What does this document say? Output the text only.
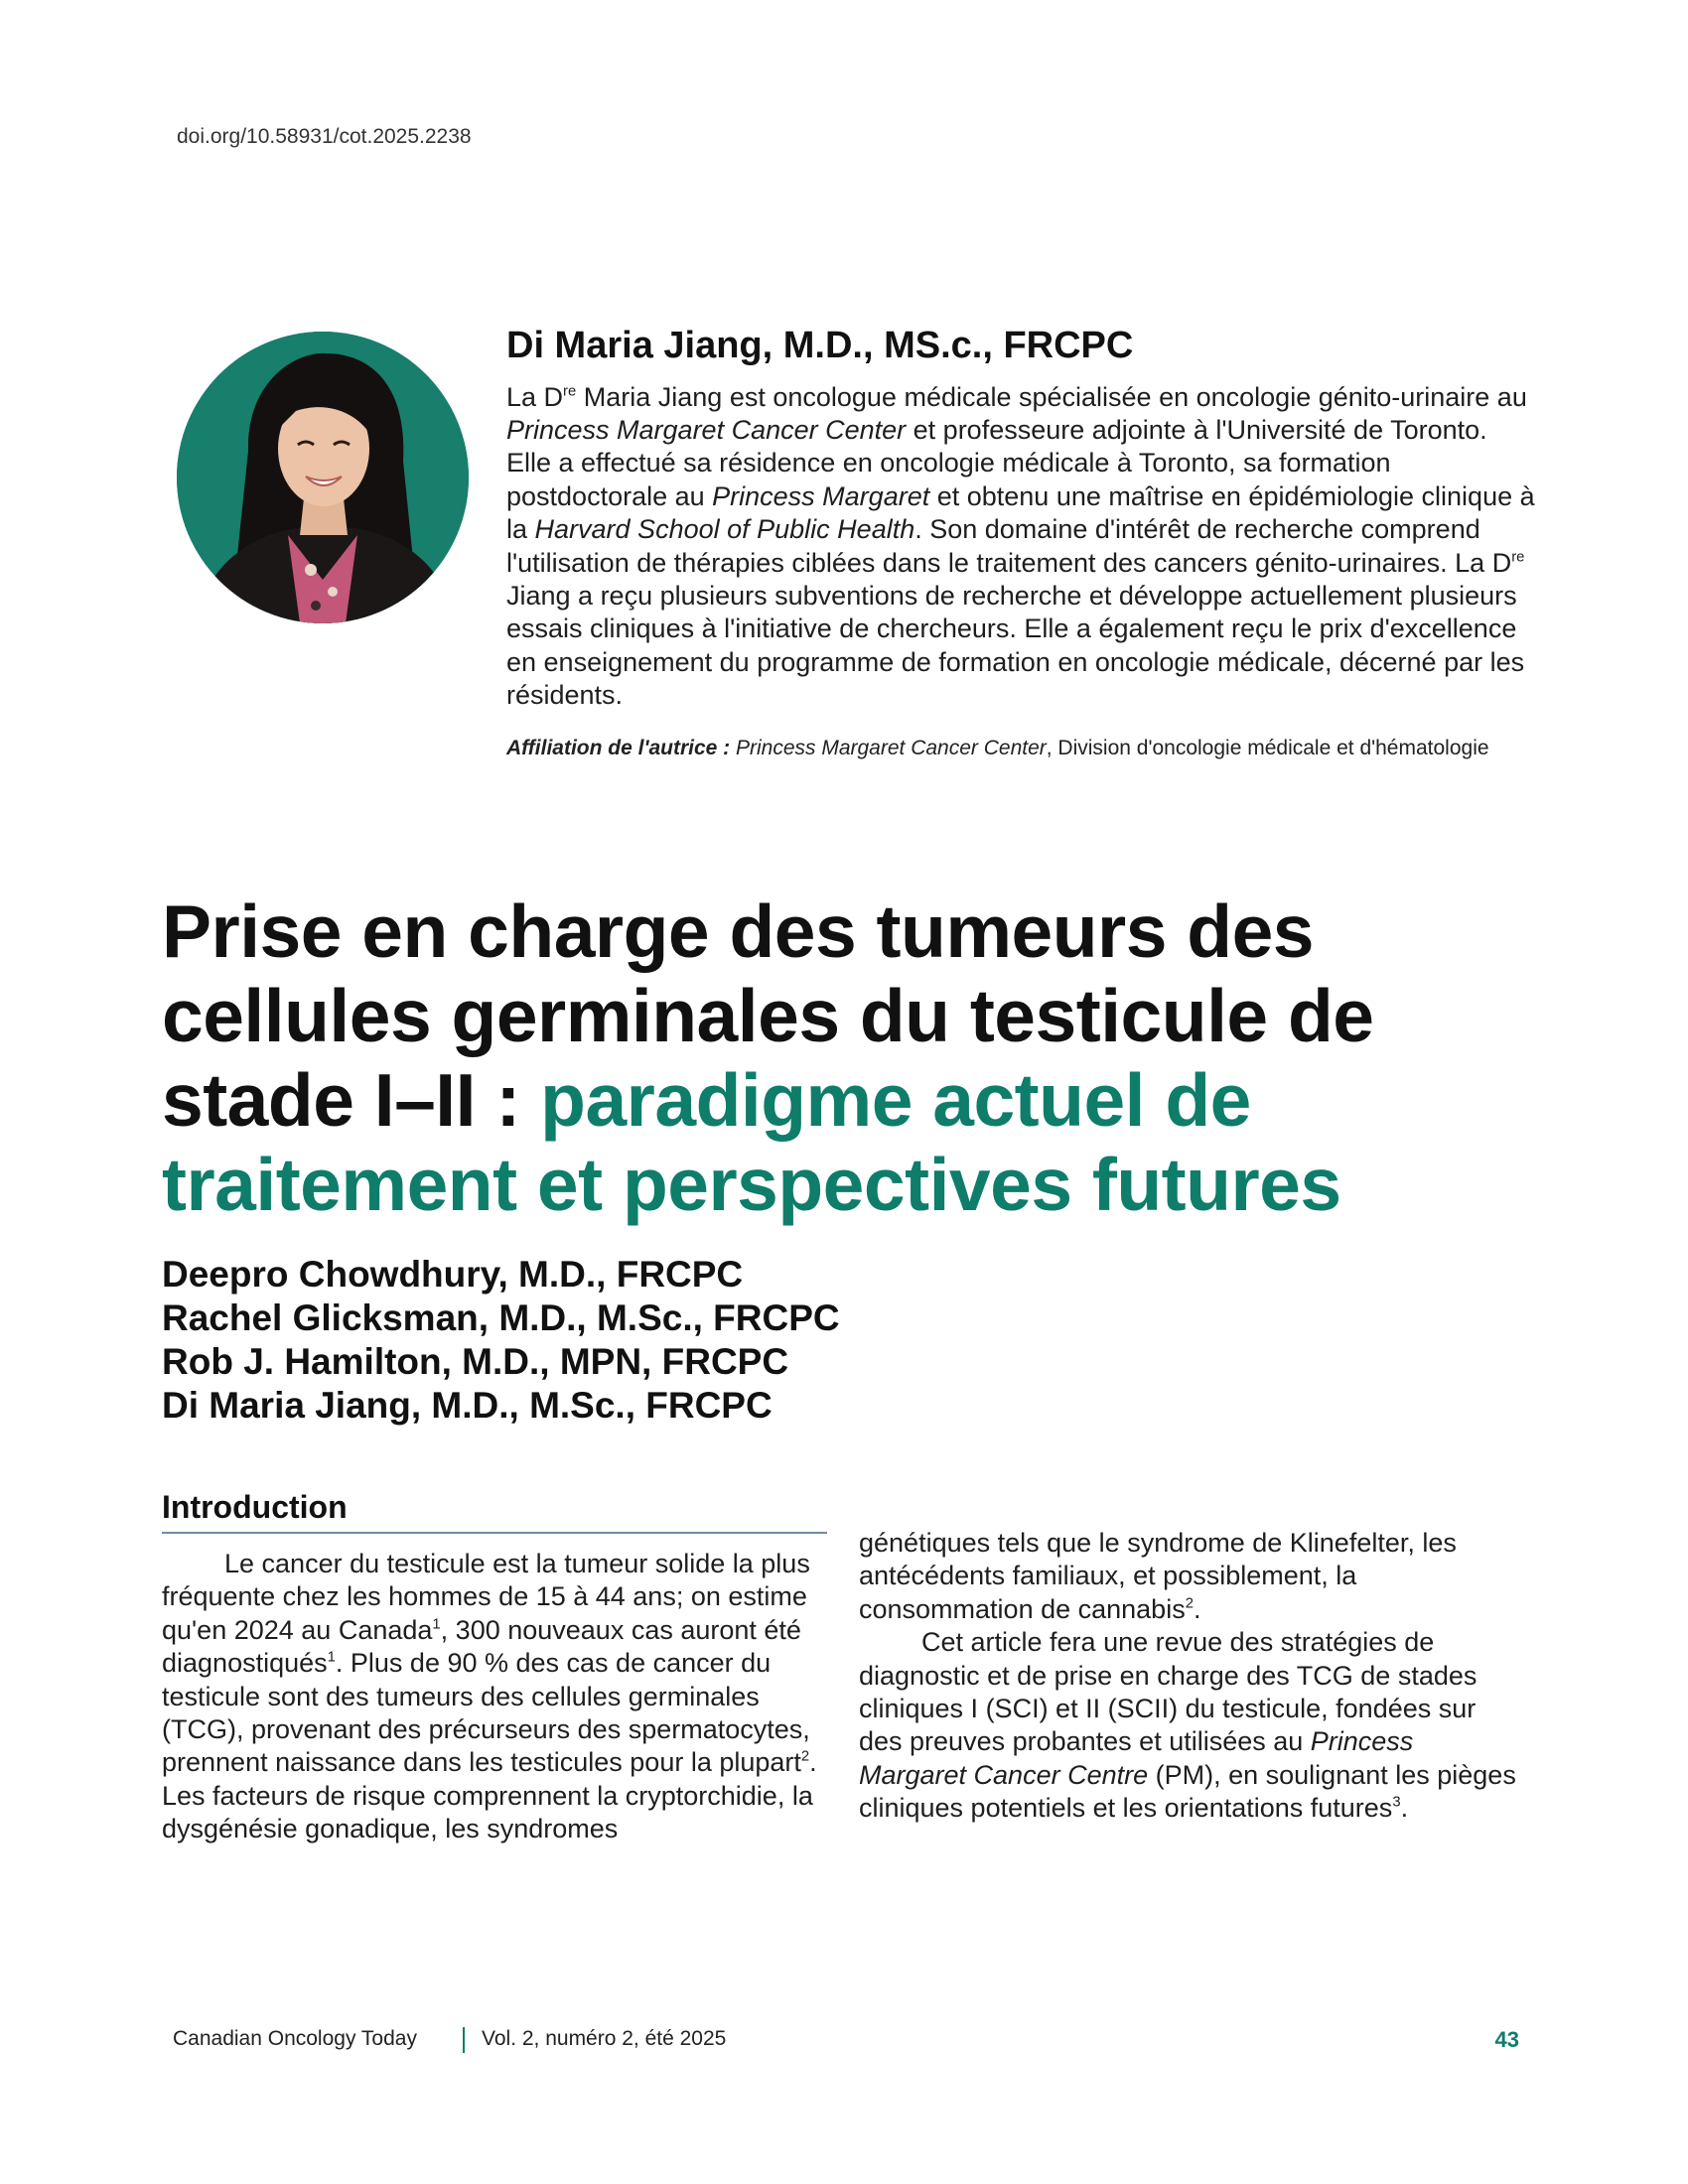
doi.org/10.58931/cot.2025.2238
Di Maria Jiang, M.D., MS.c., FRCPC

La Dre Maria Jiang est oncologue médicale spécialisée en oncologie génito-urinaire au Princess Margaret Cancer Center et professeure adjointe à l'Université de Toronto. Elle a effectué sa résidence en oncologie médicale à Toronto, sa formation postdoctorale au Princess Margaret et obtenu une maîtrise en épidémiologie clinique à la Harvard School of Public Health. Son domaine d'intérêt de recherche comprend l'utilisation de thérapies ciblées dans le traitement des cancers génito-urinaires. La Dre Jiang a reçu plusieurs subventions de recherche et développe actuellement plusieurs essais cliniques à l'initiative de chercheurs. Elle a également reçu le prix d'excellence en enseignement du programme de formation en oncologie médicale, décerné par les résidents.

Affiliation de l'autrice : Princess Margaret Cancer Center, Division d'oncologie médicale et d'hématologie
Prise en charge des tumeurs des cellules germinales du testicule de stade I–II : paradigme actuel de traitement et perspectives futures
Deepro Chowdhury, M.D., FRCPC
Rachel Glicksman, M.D., M.Sc., FRCPC
Rob J. Hamilton, M.D., MPN, FRCPC
Di Maria Jiang, M.D., M.Sc., FRCPC
Introduction

Le cancer du testicule est la tumeur solide la plus fréquente chez les hommes de 15 à 44 ans; on estime qu'en 2024 au Canada$^1$, 300 nouveaux cas auront été diagnostiqués$^1$. Plus de 90 % des cas de cancer du testicule sont des tumeurs des cellules germinales (TCG), provenant des précurseurs des spermatocytes, prennent naissance dans les testicules pour la plupart$^2$. Les facteurs de risque comprennent la cryptorchidie, la dysgénésie gonadique, les syndromes

génétiques tels que le syndrome de Klinefelter, les antécédents familiaux, et possiblement, la consommation de cannabis$^2$.

Cet article fera une revue des stratégies de diagnostic et de prise en charge des TCG de stades cliniques I (SCI) et II (SCII) du testicule, fondées sur des preuves probantes et utilisées au Princess Margaret Cancer Centre (PM), en soulignant les pièges cliniques potentiels et les orientations futures$^3$.

Canadian Oncology Today	Vol. 2, numéro 2, été 2025	43
